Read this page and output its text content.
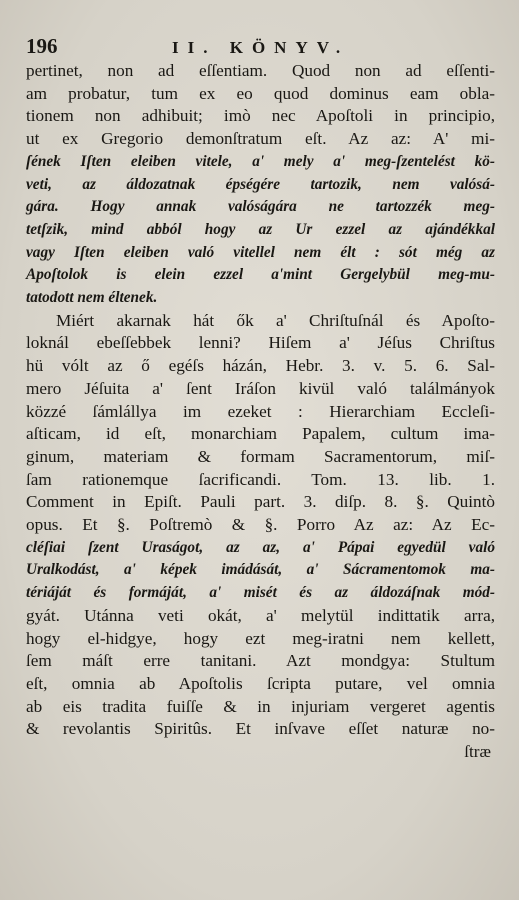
196	II. KÖNYV.
pertinet, non ad eſſentiam. Quod non ad eſſenti-
am probatur, tum ex eo quod dominus eam obla-
tionem non adhibuit; imò nec Apoſtoli in principio,
ut ex Gregorio demonſtratum eſt. Az az: A' mi-
ſének Iſten eleiben vitele, a' mely a' meg-ſzentelést kö-
veti, az áldozatnak épségére tartozik, nem valósá-
gára. Hogy annak valóságára ne tartozzék meg-
tetſzik, mind abból hogy az Ur ezzel az ajándékkal
vagy Iſten eleiben való vitellel nem élt : sót még az
Apoſtolok is elein ezzel a'mint Gergelybül meg-mu-
tatodott nem éltenek.
Miért akarnak hát ők a' Chriſtuſnál és Apoſto-
loknál ebeſſebbek lenni? Hiſem a' Jéſus Chriſtus
hü vólt az ő egéſs házán, Hebr. 3. v. 5. 6. Sal-
mero Jéſuita a' ſent Iráſon kivül való találmányok
közzé ſámlállya im ezeket : Hierarchiam Eccleſi-
aſticam, id eſt, monarchiam Papalem, cultum ima-
ginum, materiam & formam Sacramentorum, miſ-
ſam rationemque ſacrificandi. Tom. 13. lib. 1.
Comment in Epiſt. Pauli part. 3. diſp. 8. §. Quintò
opus. Et §. Poſtremò & §. Porro Az az: Az Ec-
cléſiai ſzent Uraságot, az az, a' Pápai egyedül való
Uralkodást, a' képek imádását, a' Sácramentomok ma-
tériáját és formáját, a' misét és az áldozáſnak mód-
gyát. Utánna veti okát, a' melytül indittatik arra,
hogy el-hidgye, hogy ezt meg-iratni nem kellett,
ſem máſt erre tanitani. Azt mondgya: Stultum
eſt, omnia ab Apoſtolis ſcripta putare, vel omnia
ab eis tradita fuiſſe & in injuriam vergeret agentis
& revolantis Spiritûs. Et inſvave eſſet naturæ no-
ſtræ
